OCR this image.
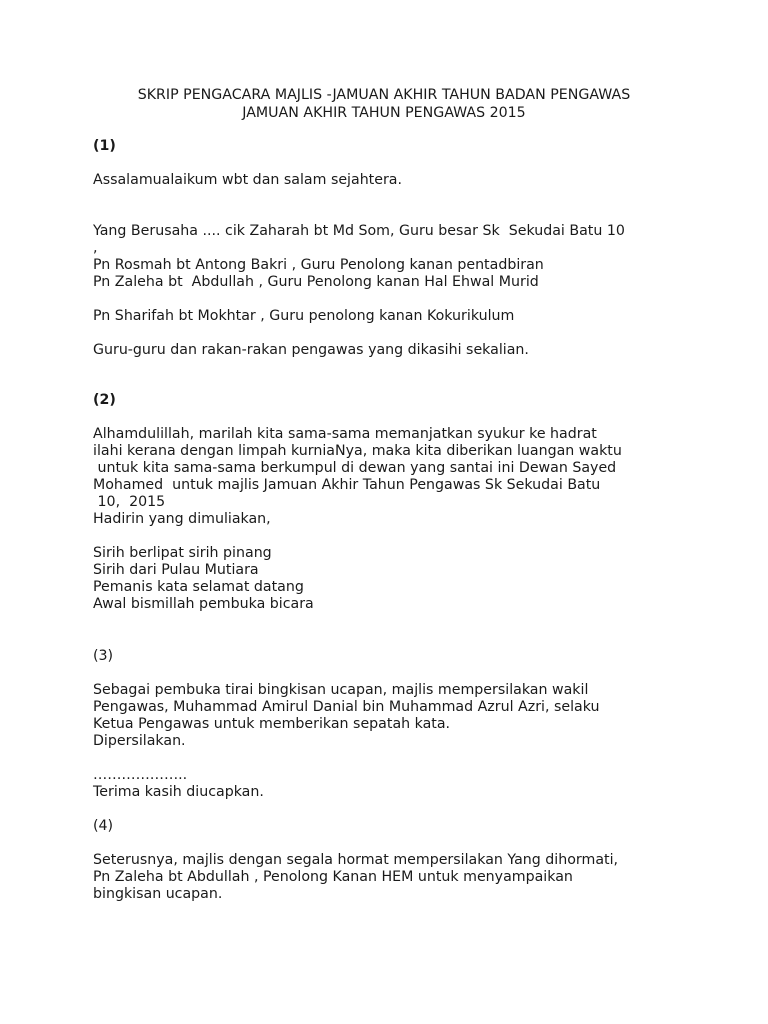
SKRIP PENGACARA MAJLIS -JAMUAN AKHIR TAHUN BADAN PENGAWAS
JAMUAN AKHIR TAHUN PENGAWAS 2015
(1)
Assalamualaikum wbt dan salam sejahtera.
Yang Berusaha .... cik Zaharah bt Md Som, Guru besar Sk  Sekudai Batu 10
,
Pn Rosmah bt Antong Bakri , Guru Penolong kanan pentadbiran
Pn Zaleha bt  Abdullah , Guru Penolong kanan Hal Ehwal Murid
Pn Sharifah bt Mokhtar , Guru penolong kanan Kokurikulum
Guru-guru dan rakan-rakan pengawas yang dikasihi sekalian.
(2)
Alhamdulillah, marilah kita sama-sama memanjatkan syukur ke hadrat
ilahi kerana dengan limpah kurniaNya, maka kita diberikan luangan waktu
untuk kita sama-sama berkumpul di dewan yang santai ini Dewan Sayed
Mohamed  untuk majlis Jamuan Akhir Tahun Pengawas Sk Sekudai Batu
10,  2015
Hadirin yang dimuliakan,
Sirih berlipat sirih pinang
Sirih dari Pulau Mutiara
Pemanis kata selamat datang
Awal bismillah pembuka bicara
(3)
Sebagai pembuka tirai bingkisan ucapan, majlis mempersilakan wakil
Pengawas, Muhammad Amirul Danial bin Muhammad Azrul Azri, selaku
Ketua Pengawas untuk memberikan sepatah kata.
Dipersilakan.
………………..
Terima kasih diucapkan.
(4)
Seterusnya, majlis dengan segala hormat mempersilakan Yang dihormati,
Pn Zaleha bt Abdullah , Penolong Kanan HEM untuk menyampaikan
bingkisan ucapan.
